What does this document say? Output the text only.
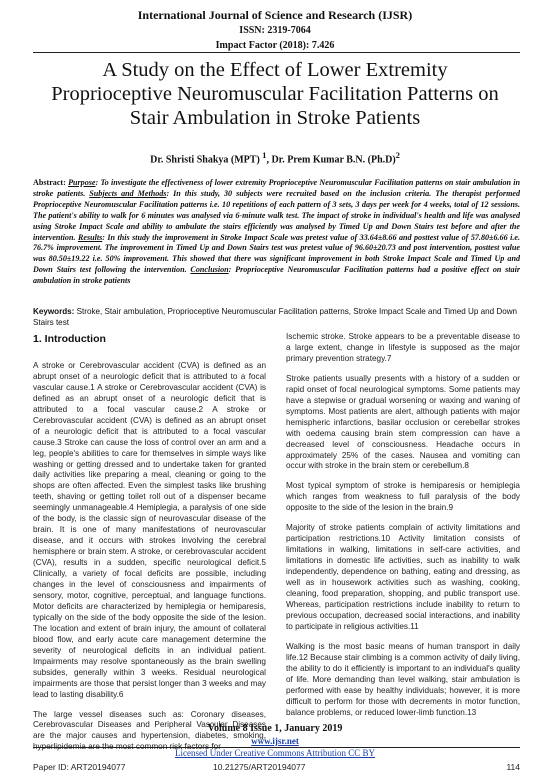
International Journal of Science and Research (IJSR)
ISSN: 2319-7064
Impact Factor (2018): 7.426
A Study on the Effect of Lower Extremity Proprioceptive Neuromuscular Facilitation Patterns on Stair Ambulation in Stroke Patients
Dr. Shristi Shakya (MPT) $^1$, Dr. Prem Kumar B.N. $(Ph.D)^2$
Abstract: Purpose: To investigate the effectiveness of lower extremity Proprioceptive Neuromuscular Facilitation patterns on stair ambulation in stroke patients. Subjects and Methods: In this study, 30 subjects were recruited based on the inclusion criteria. The therapist performed Proprioceptive Neuromuscular Facilitation patterns i.e. 10 repetitions of each pattern of 3 sets, 3 days per week for 4 weeks, total of 12 sessions. The patient's ability to walk for 6 minutes was analysed via 6-minute walk test. The impact of stroke in individual's health and life was analysed using Stroke Impact Scale and ability to ambulate the stairs efficiently was analysed by Timed Up and Down Stairs test before and after the intervention. Results: In this study the improvement in Stroke Impact Scale was pretest value of 33.64±8.66 and posttest value of 57.80±6.66 i.e. 76.7% improvement. The improvement in Timed Up and Down Stairs test was pretest value of 96.60±20.73 and post intervention, posttest value was 80.50±19.22 i.e. 50% improvement. This showed that there was significant improvement in both Stroke Impact Scale and Timed Up and Down Stairs test following the intervention. Conclusion: Proprioceptive Neuromuscular Facilitation patterns had a positive effect on stair ambulation in stroke patients
Keywords: Stroke, Stair ambulation, Proprioceptive Neuromuscular Facilitation patterns, Stroke Impact Scale and Timed Up and Down Stairs test
1. Introduction

A stroke or Cerebrovascular accident (CVA) is defined as an abrupt onset of a neurologic deficit that is attributed to a focal vascular cause.1 A stroke or Cerebrovascular accident (CVA) is defined as an abrupt onset of a neurologic deficit that is attributed to a focal vascular cause.2 A stroke or Cerebrovascular accident (CVA) is defined as an abrupt onset of a neurologic deficit that is attributed to a focal vascular cause.3 Stroke can cause the loss of control over an arm and a leg, people's abilities to care for themselves in simple ways like washing or getting dressed and to undertake taken for granted daily activities like preparing a meal, cleaning or going to the shops are often affected. Even the simplest tasks like brushing teeth, shaving or getting toilet roll out of a dispenser became seemingly unmanageable.4 Hemiplegia, a paralysis of one side of the body, is the classic sign of neurovascular disease of the brain. It is one of many manifestations of neurovascular disease, and it occurs with strokes involving the cerebral hemisphere or brain stem. A stroke, or cerebrovascular accident (CVA), results in a sudden, specific neurological deficit.5 Clinically, a variety of focal deficits are possible, including changes in the level of consciousness and impairments of sensory, motor, cognitive, perceptual, and language functions. Motor deficits are characterized by hemiplegia or hemiparesis, typically on the side of the body opposite the side of the lesion. The location and extent of brain injury, the amount of collateral blood flow, and early acute care management determine the severity of neurological deficits in an individual patient. Impairments may resolve spontaneously as the brain swelling subsides, generally within 3 weeks. Residual neurological impairments are those that persist longer than 3 weeks and may lead to lasting disability.6

The large vessel diseases such as: Coronary diseases, Cerebrovascular Diseases and Peripheral Vascular Diseases are the major causes and hypertension, diabetes, smoking, hyperlipidemia are the most common risk factors for

Ischemic stroke. Stroke appears to be a preventable disease to a large extent, change in lifestyle is supposed as the major primary prevention strategy.7

Stroke patients usually presents with a history of a sudden or rapid onset of focal neurological symptoms. Some patients may have a stepwise or gradual worsening or waxing and waning of symptoms. Most patients are alert, although patients with major hemispheric infarctions, basilar occlusion or cerebellar strokes with oedema causing brain stem compression can have a decreased level of consciousness. Headache occurs in approximately 25% of the cases. Nausea and vomiting can occur with stroke in the brain stem or cerebellum.8

Most typical symptom of stroke is hemiparesis or hemiplegia which ranges from weakness to full paralysis of the body opposite to the side of the lesion in the brain.9

Majority of stroke patients complain of activity limitations and participation restrictions.10 Activity limitation consists of limitations in walking, limitations in self-care activities, and limitations in domestic life activities, such as inability to walk independently, dependence on bathing, eating and dressing, as well as in housework activities such as washing, cooking, cleaning, food preparation, shopping, and public transport use. Whereas, participation restrictions include inability to return to previous occupation, decreased social interactions, and inability to participate in religious activities.11

Walking is the most basic means of human transport in daily life.12 Because stair climbing is a common activity of daily living, the ability to do it efficiently is important to an individual's quality of life. More demanding than level walking, stair ambulation is performed with ease by healthy individuals; however, it is more difficult to perform for those with decrements in motor function, balance problems, or reduced lower-limb function.13

Volume 8 Issue 1, January 2019
www.ijsr.net
Licensed Under Creative Commons Attribution CC BY
Paper ID: ART20194077	10.21275/ART20194077	114
